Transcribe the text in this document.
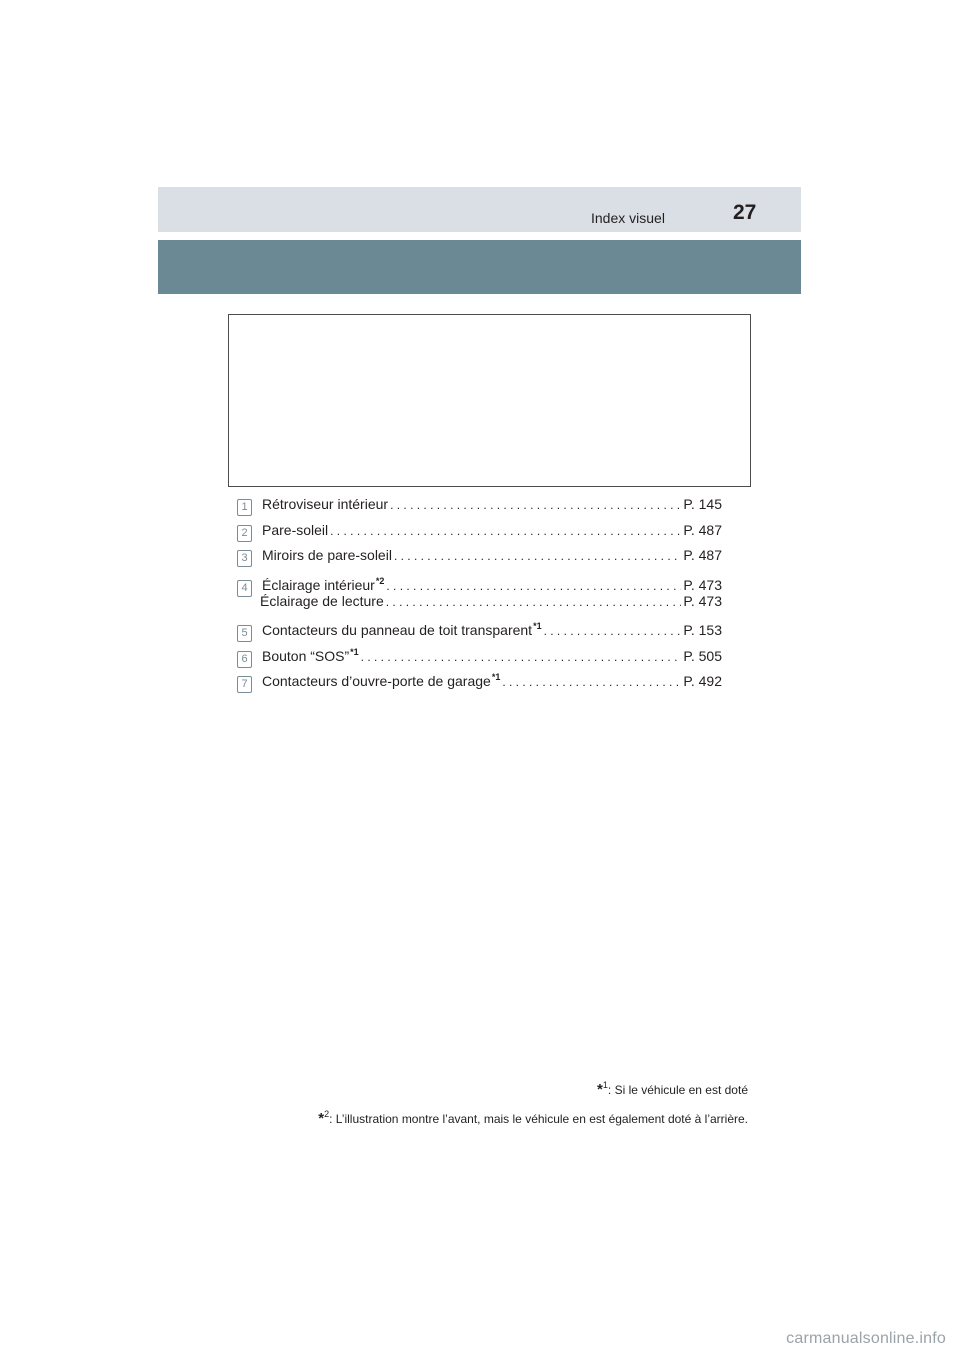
Index visuel	27
1	Rétroviseur intérieur . . .	P. 145
2	Pare-soleil . . .	P. 487
3	Miroirs de pare-soleil . . .	P. 487
4	Éclairage intérieur$^{*2}$ . . .	P. 473
Éclairage de lecture . . .	P. 473
5	Contacteurs du panneau de toit transparent$^{*1}$ . . .	P. 153
6	Bouton “SOS”$^{*1}$ . . .	P. 505
7	Contacteurs d’ouvre-porte de garage$^{*1}$ . . .	P. 492
*$^1$: Si le véhicule en est doté
*$^2$: L’illustration montre l’avant, mais le véhicule en est également doté à l’arrière.
carmanualsonline.info
